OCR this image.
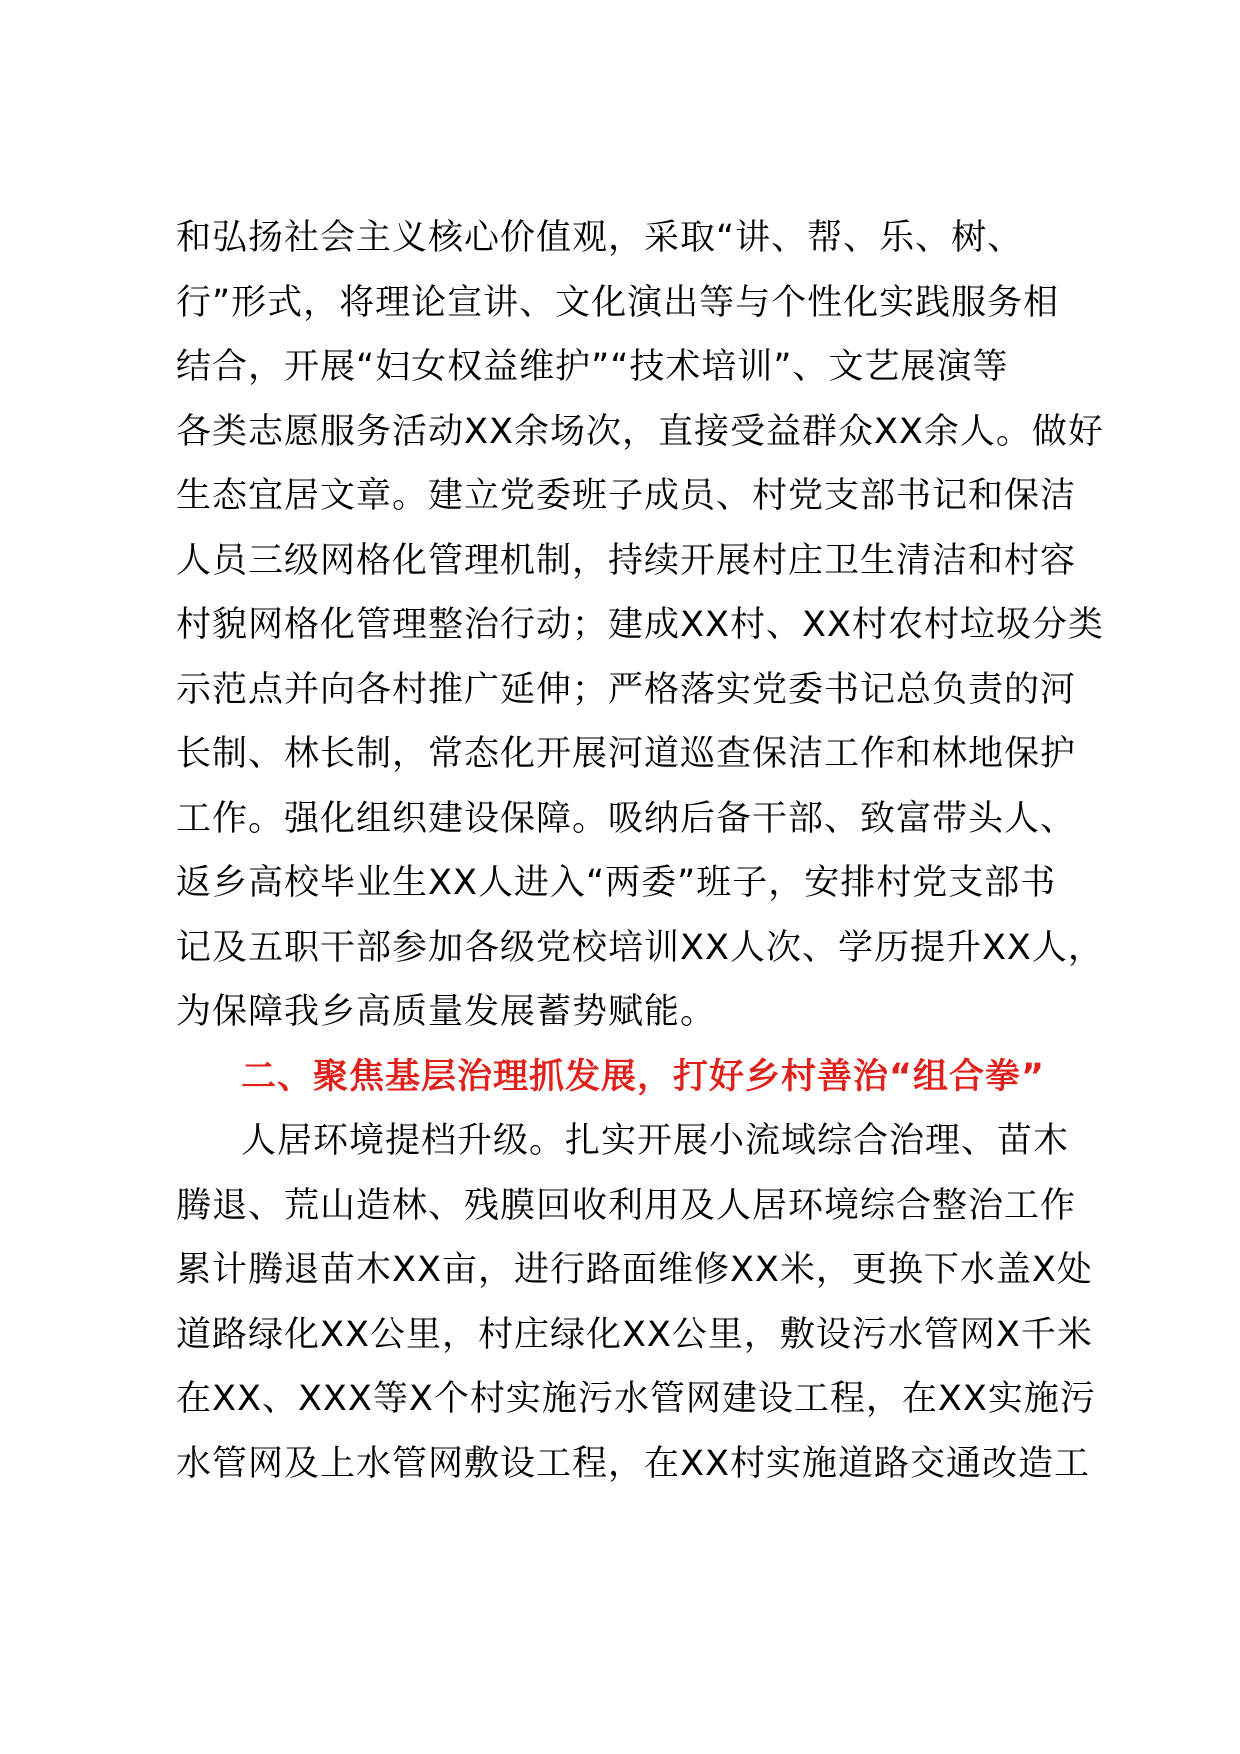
和弘扬社会主义核心价值观，采取“讲、帮、乐、树、
行”形式，将理论宣讲、文化演出等与个性化实践服务相
结合，开展“妇女权益维护”“技术培训”、文艺展演等
各类志愿服务活动XX余场次，直接受益群众XX余人。做好
生态宜居文章。建立党委班子成员、村党支部书记和保洁
人员三级网格化管理机制，持续开展村庄卫生清洁和村容
村貌网格化管理整治行动；建成XX村、XX村农村垃圾分类
示范点并向各村推广延伸；严格落实党委书记总负责的河
长制、林长制，常态化开展河道巡查保洁工作和林地保护
工作。强化组织建设保障。吸纳后备干部、致富带头人、
返乡高校毕业生XX人进入“两委”班子，安排村党支部书
记及五职干部参加各级党校培训XX人次、学历提升XX人，
为保障我乡高质量发展蓄势赋能。
二、聚焦基层治理抓发展，打好乡村善治“组合拳”
人居环境提档升级。扎实开展小流域综合治理、苗木
腾退、荒山造林、残膜回收利用及人居环境综合整治工作
累计腾退苗木XX亩，进行路面维修XX米，更换下水盖X处
道路绿化XX公里，村庄绿化XX公里，敷设污水管网X千米
在XX、XXX等X个村实施污水管网建设工程，在XX实施污
水管网及上水管网敷设工程，在XX村实施道路交通改造工
